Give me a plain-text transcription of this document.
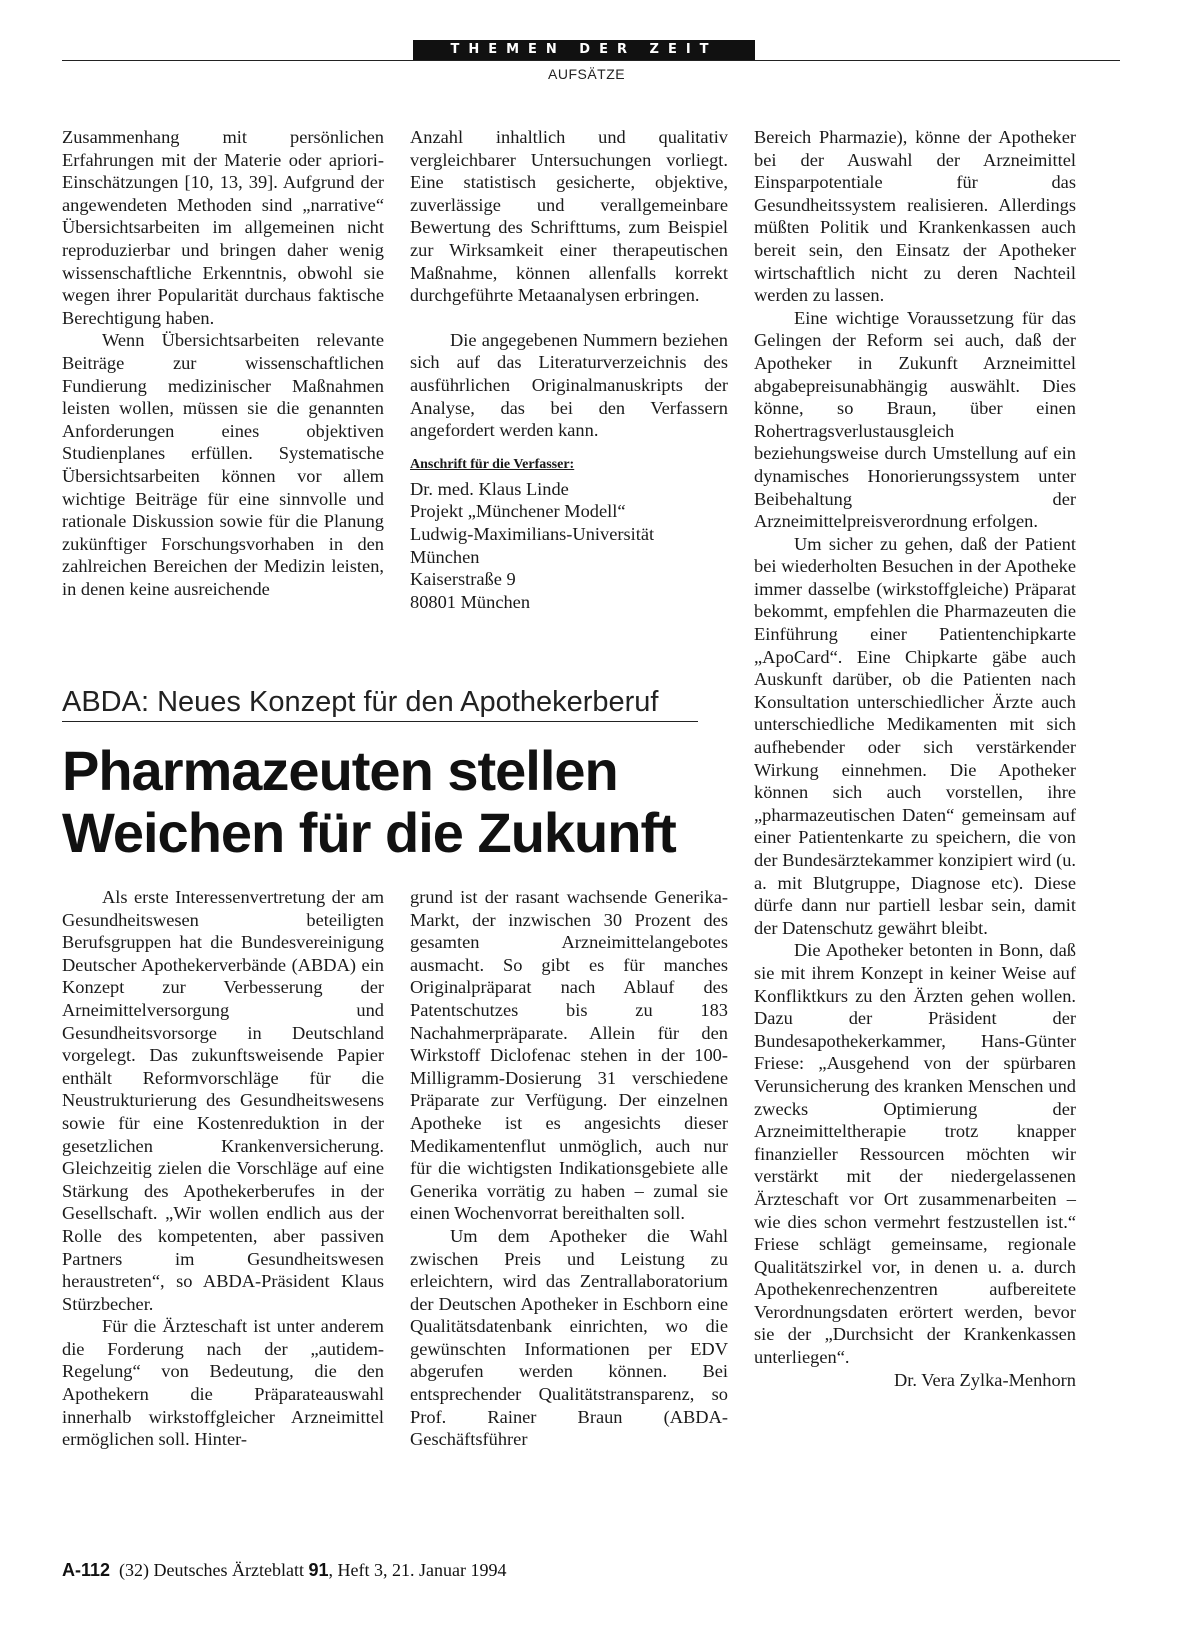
THEMEN DER ZEIT
AUFSÄTZE

Zusammenhang mit persönlichen Erfahrungen mit der Materie oder apriori-Einschätzungen [10, 13, 39]. Aufgrund der angewendeten Methoden sind „narrative“ Übersichtsarbeiten im allgemeinen nicht reproduzierbar und bringen daher wenig wissenschaftliche Erkenntnis, obwohl sie wegen ihrer Popularität durchaus faktische Berechtigung haben.

Wenn Übersichtsarbeiten relevante Beiträge zur wissenschaftlichen Fundierung medizinischer Maßnahmen leisten wollen, müssen sie die genannten Anforderungen eines objektiven Studienplanes erfüllen. Systematische Übersichtsarbeiten können vor allem wichtige Beiträge für eine sinnvolle und rationale Diskussion sowie für die Planung zukünftiger Forschungsvorhaben in den zahlreichen Bereichen der Medizin leisten, in denen keine ausreichende

Anzahl inhaltlich und qualitativ vergleichbarer Untersuchungen vorliegt. Eine statistisch gesicherte, objektive, zuverlässige und verallgemeinbare Bewertung des Schrifttums, zum Beispiel zur Wirksamkeit einer therapeutischen Maßnahme, können allenfalls korrekt durchgeführte Metaanalysen erbringen.

Die angegebenen Nummern beziehen sich auf das Literaturverzeichnis des ausführlichen Originalmanuskripts der Analyse, das bei den Verfassern angefordert werden kann.

Anschrift für die Verfasser:
Dr. med. Klaus Linde
Projekt „Münchener Modell“
Ludwig-Maximilians-Universität
München
Kaiserstraße 9
80801 München
ABDA: Neues Konzept für den Apothekerberuf
Pharmazeuten stellen
Weichen für die Zukunft

Als erste Interessenvertretung der am Gesundheitswesen beteiligten Berufsgruppen hat die Bundesvereinigung Deutscher Apothekerverbände (ABDA) ein Konzept zur Verbesserung der Arneimittelversorgung und Gesundheitsvorsorge in Deutschland vorgelegt. Das zukunftsweisende Papier enthält Reformvorschläge für die Neustrukturierung des Gesundheitswesens sowie für eine Kostenreduktion in der gesetzlichen Krankenversicherung. Gleichzeitig zielen die Vorschläge auf eine Stärkung des Apothekerberufes in der Gesellschaft. „Wir wollen endlich aus der Rolle des kompetenten, aber passiven Partners im Gesundheitswesen heraustreten“, so ABDA-Präsident Klaus Stürzbecher.

Für die Ärzteschaft ist unter anderem die Forderung nach der „autidem-Regelung“ von Bedeutung, die den Apothekern die Präparateauswahl innerhalb wirkstoffgleicher Arzneimittel ermöglichen soll. Hinter-

grund ist der rasant wachsende Generika-Markt, der inzwischen 30 Prozent des gesamten Arzneimittelangebotes ausmacht. So gibt es für manches Originalpräparat nach Ablauf des Patentschutzes bis zu 183 Nachahmerpräparate. Allein für den Wirkstoff Diclofenac stehen in der 100-Milligramm-Dosierung 31 verschiedene Präparate zur Verfügung. Der einzelnen Apotheke ist es angesichts dieser Medikamentenflut unmöglich, auch nur für die wichtigsten Indikationsgebiete alle Generika vorrätig zu haben – zumal sie einen Wochenvorrat bereithalten soll.

Um dem Apotheker die Wahl zwischen Preis und Leistung zu erleichtern, wird das Zentrallaboratorium der Deutschen Apotheker in Eschborn eine Qualitätsdatenbank einrichten, wo die gewünschten Informationen per EDV abgerufen werden können. Bei entsprechender Qualitätstransparenz, so Prof. Rainer Braun (ABDA-Geschäftsführer

Bereich Pharmazie), könne der Apotheker bei der Auswahl der Arzneimittel Einsparpotentiale für das Gesundheitssystem realisieren. Allerdings müßten Politik und Krankenkassen auch bereit sein, den Einsatz der Apotheker wirtschaftlich nicht zu deren Nachteil werden zu lassen.

Eine wichtige Voraussetzung für das Gelingen der Reform sei auch, daß der Apotheker in Zukunft Arzneimittel abgabepreisunabhängig auswählt. Dies könne, so Braun, über einen Rohertragsverlustausgleich beziehungsweise durch Umstellung auf ein dynamisches Honorierungssystem unter Beibehaltung der Arzneimittelpreisverordnung erfolgen.

Um sicher zu gehen, daß der Patient bei wiederholten Besuchen in der Apotheke immer dasselbe (wirkstoffgleiche) Präparat bekommt, empfehlen die Pharmazeuten die Einführung einer Patientenchipkarte „ApoCard“. Eine Chipkarte gäbe auch Auskunft darüber, ob die Patienten nach Konsultation unterschiedlicher Ärzte auch unterschiedliche Medikamenten mit sich aufhebender oder sich verstärkender Wirkung einnehmen. Die Apotheker können sich auch vorstellen, ihre „pharmazeutischen Daten“ gemeinsam auf einer Patientenkarte zu speichern, die von der Bundesärztekammer konzipiert wird (u. a. mit Blutgruppe, Diagnose etc). Diese dürfe dann nur partiell lesbar sein, damit der Datenschutz gewährt bleibt.

Die Apotheker betonten in Bonn, daß sie mit ihrem Konzept in keiner Weise auf Konfliktkurs zu den Ärzten gehen wollen. Dazu der Präsident der Bundesapothekerkammer, Hans-Günter Friese: „Ausgehend von der spürbaren Verunsicherung des kranken Menschen und zwecks Optimierung der Arzneimitteltherapie trotz knapper finanzieller Ressourcen möchten wir verstärkt mit der niedergelassenen Ärzteschaft vor Ort zusammenarbeiten – wie dies schon vermehrt festzustellen ist.“ Friese schlägt gemeinsame, regionale Qualitätszirkel vor, in denen u. a. durch Apothekenrechenzentren aufbereitete Verordnungsdaten erörtert werden, bevor sie der „Durchsicht der Krankenkassen unterliegen“.

Dr. Vera Zylka-Menhorn
A-112 (32) Deutsches Ärzteblatt 91, Heft 3, 21. Januar 1994
